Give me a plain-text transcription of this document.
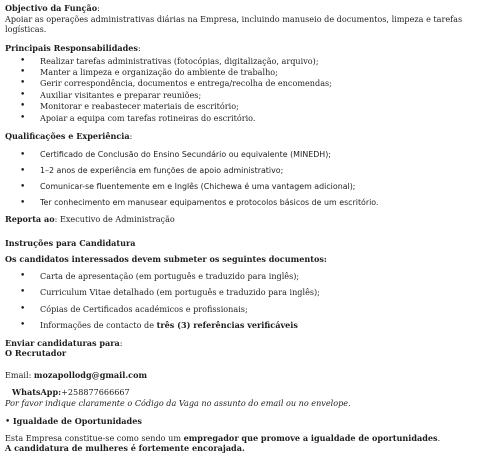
Objectivo da Função:
Apoiar as operações administrativas diárias na Empresa, incluindo manuseio de documentos, limpeza e tarefas
logísticas.
Principais Responsabilidades:
• Realizar tarefas administrativas (fotocópias, digitalização, arquivo);
• Manter a limpeza e organização do ambiente de trabalho;
• Gerir correspondência, documentos e entrega/recolha de encomendas;
• Auxiliar visitantes e preparar reuniões;
• Monitorar e reabastecer materiais de escritório;
• Apoiar a equipa com tarefas rotineiras do escritório.
Qualificações e Experiência:
• Certificado de Conclusão do Ensino Secundário ou equivalente (MINEDH);
• 1–2 anos de experiência em funções de apoio administrativo;
• Comunicar-se fluentemente em e Inglês (Chichewa é uma vantagem adicional);
• Ter conhecimento em manusear equipamentos e protocolos básicos de um escritório.
Reporta ao: Executivo de Administração
Instruções para Candidatura
Os candidatos interessados devem submeter os seguintes documentos:
• Carta de apresentação (em português e traduzido para inglês);
• Curriculum Vitae detalhado (em português e traduzido para inglês);
• Cópias de Certificados académicos e profissionais;
• Informações de contacto de três (3) referências verificáveis
Enviar candidaturas para:
O Recrutador
Email: mozapollodg@gmail.com
WhatsApp:+258877666667
Por favor indique claramente o Código da Vaga no assunto do email ou no envelope.
• Igualdade de Oportunidades
Esta Empresa constitue-se como sendo um empregador que promove a igualdade de oportunidades.
A candidatura de mulheres é fortemente encorajada.
